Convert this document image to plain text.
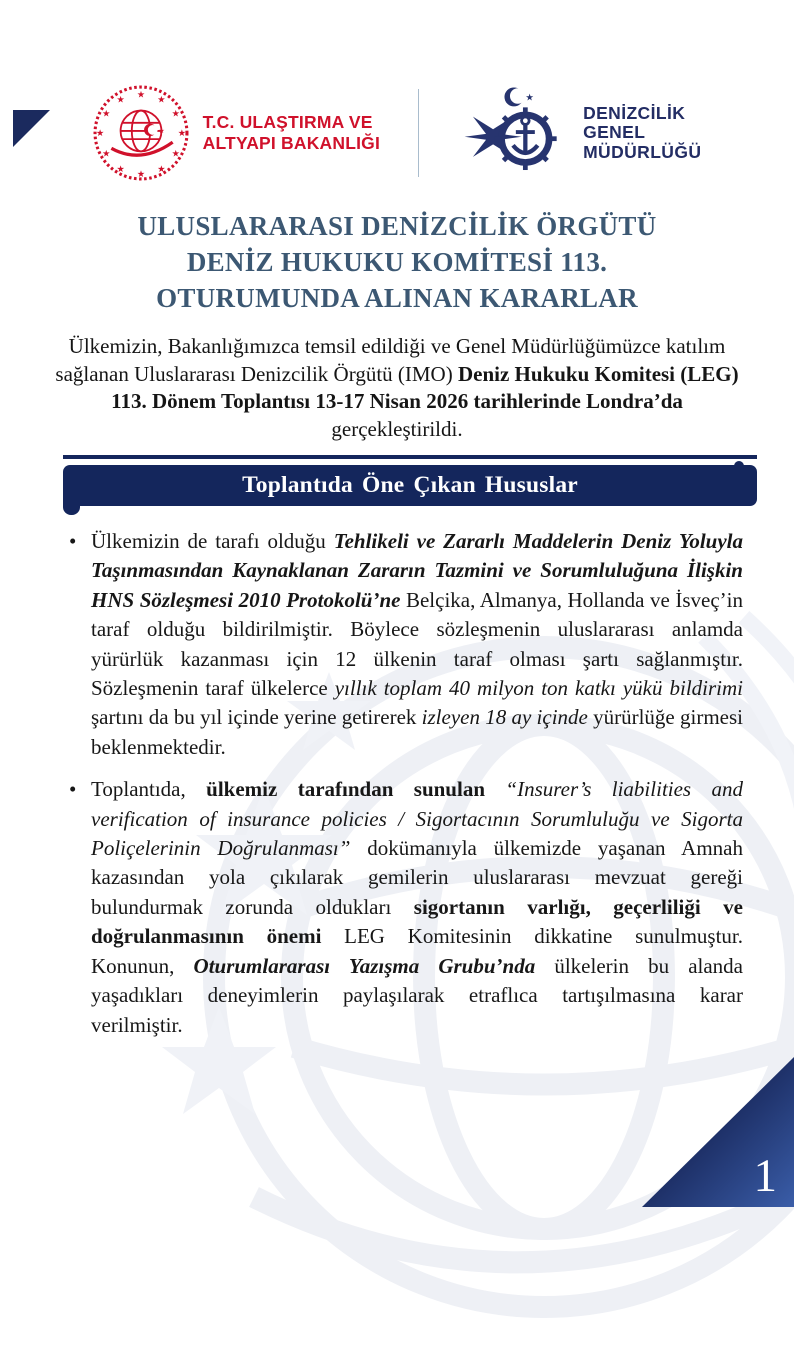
★
★
★
★
★
★
★
★
★ ★ ★
★
★ T.C. ULAŞTIRMA VE
ALTYAPI BAKANLIĞI
★
DENİZCİLİK
GENEL
MÜDÜRLÜĞÜ
ULUSLARARASI DENİZCİLİK ÖRGÜTÜ
DENİZ HUKUKU KOMİTESİ 113.
OTURUMUNDA ALINAN KARARLAR

Ülkemizin, Bakanlığımızca temsil edildiği ve Genel Müdürlüğümüzce katılım sağlanan Uluslararası Denizcilik Örgütü (IMO) Deniz Hukuku Komitesi (LEG) 113. Dönem Toplantısı 13-17 Nisan 2026 tarihlerinde Londra’da gerçekleştirildi.

Toplantıda Öne Çıkan Hususlar
• Ülkemizin de tarafı olduğu Tehlikeli ve Zararlı Maddelerin Deniz Yoluyla Taşınmasından Kaynaklanan Zararın Tazmini ve Sorumluluğuna İlişkin HNS Sözleşmesi 2010 Protokolü’ne Belçika, Almanya, Hollanda ve İsveç’in taraf olduğu bildirilmiştir. Böylece sözleşmenin uluslararası anlamda yürürlük kazanması için 12 ülkenin taraf olması şartı sağlanmıştır. Sözleşmenin taraf ülkelerce yıllık toplam 40 milyon ton katkı yükü bildirimi şartını da bu yıl içinde yerine getirerek izleyen 18 ay içinde yürürlüğe girmesi beklenmektedir.
• Toplantıda, ülkemiz tarafından sunulan “Insurer’s liabilities and verification of insurance policies / Sigortacının Sorumluluğu ve Sigorta Poliçelerinin Doğrulanması” dokümanıyla ülkemizde yaşanan Amnah kazasından yola çıkılarak gemilerin uluslararası mevzuat gereği bulundurmak zorunda oldukları sigortanın varlığı, geçerliliği ve doğrulanmasının önemi LEG Komitesinin dikkatine sunulmuştur. Konunun, Oturumlararası Yazışma Grubu’nda ülkelerin bu alanda yaşadıkları deneyimlerin paylaşılarak etraflıca tartışılmasına karar verilmiştir.
1
